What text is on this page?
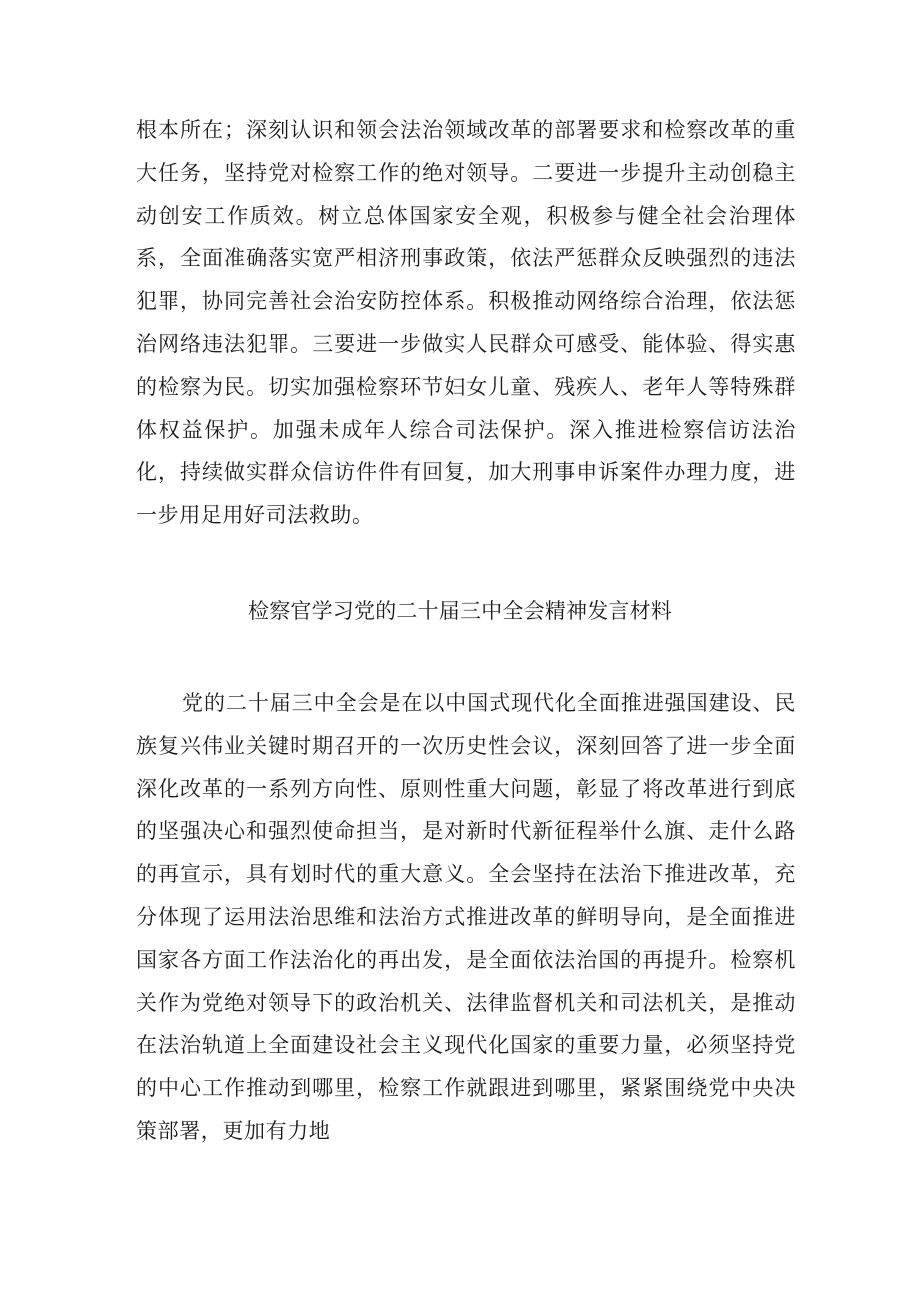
根本所在；深刻认识和领会法治领域改革的部署要求和检察改革的重大任务，坚持党对检察工作的绝对领导。二要进一步提升主动创稳主动创安工作质效。树立总体国家安全观，积极参与健全社会治理体系，全面准确落实宽严相济刑事政策，依法严惩群众反映强烈的违法犯罪，协同完善社会治安防控体系。积极推动网络综合治理，依法惩治网络违法犯罪。三要进一步做实人民群众可感受、能体验、得实惠的检察为民。切实加强检察环节妇女儿童、残疾人、老年人等特殊群体权益保护。加强未成年人综合司法保护。深入推进检察信访法治化，持续做实群众信访件件有回复，加大刑事申诉案件办理力度，进一步用足用好司法救助。

检察官学习党的二十届三中全会精神发言材料

党的二十届三中全会是在以中国式现代化全面推进强国建设、民族复兴伟业关键时期召开的一次历史性会议，深刻回答了进一步全面深化改革的一系列方向性、原则性重大问题，彰显了将改革进行到底的坚强决心和强烈使命担当，是对新时代新征程举什么旗、走什么路的再宣示，具有划时代的重大意义。全会坚持在法治下推进改革，充分体现了运用法治思维和法治方式推进改革的鲜明导向，是全面推进国家各方面工作法治化的再出发，是全面依法治国的再提升。检察机关作为党绝对领导下的政治机关、法律监督机关和司法机关，是推动在法治轨道上全面建设社会主义现代化国家的重要力量，必须坚持党的中心工作推动到哪里，检察工作就跟进到哪里，紧紧围绕党中央决策部署，更加有力地
